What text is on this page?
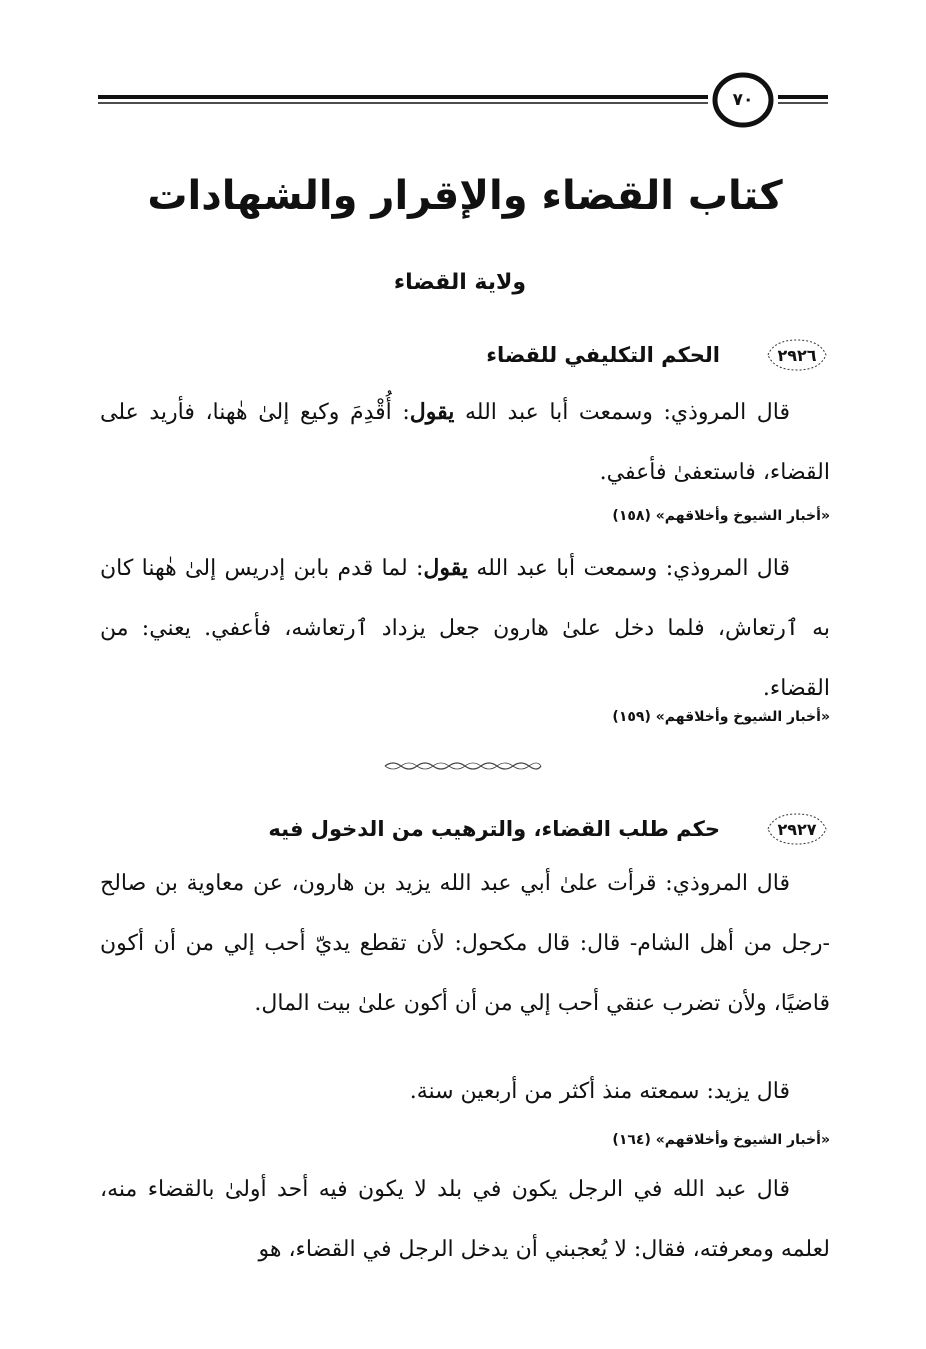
٧٠
كتاب القضاء والإقرار والشهادات
ولاية القضاء
٢٩٢٦
الحكم التكليفي للقضاء
قال المروذي: وسمعت أبا عبد الله يقول: أُقْدِمَ وكيع إلىٰ هٰهنا، فأريد على القضاء، فاستعفىٰ فأعفي.
«أخبار الشيوخ وأخلاقهم» (١٥٨)
قال المروذي: وسمعت أبا عبد الله يقول: لما قدم بابن إدريس إلىٰ هٰهنا كان به ٱرتعاش، فلما دخل علىٰ هارون جعل يزداد ٱرتعاشه، فأعفي. يعني: من القضاء.
«أخبار الشيوخ وأخلاقهم» (١٥٩)
٢٩٢٧
حكم طلب القضاء، والترهيب من الدخول فيه
قال المروذي: قرأت علىٰ أبي عبد الله يزيد بن هارون، عن معاوية بن صالح -رجل من أهل الشام- قال: قال مكحول: لأن تقطع يديّ أحب إلي من أن أكون قاضيًا، ولأن تضرب عنقي أحب إلي من أن أكون علىٰ بيت المال.
قال يزيد: سمعته منذ أكثر من أربعين سنة.
«أخبار الشيوخ وأخلاقهم» (١٦٤)
قال عبد الله في الرجل يكون في بلد لا يكون فيه أحد أولىٰ بالقضاء منه، لعلمه ومعرفته، فقال: لا يُعجبني أن يدخل الرجل في القضاء، هو
